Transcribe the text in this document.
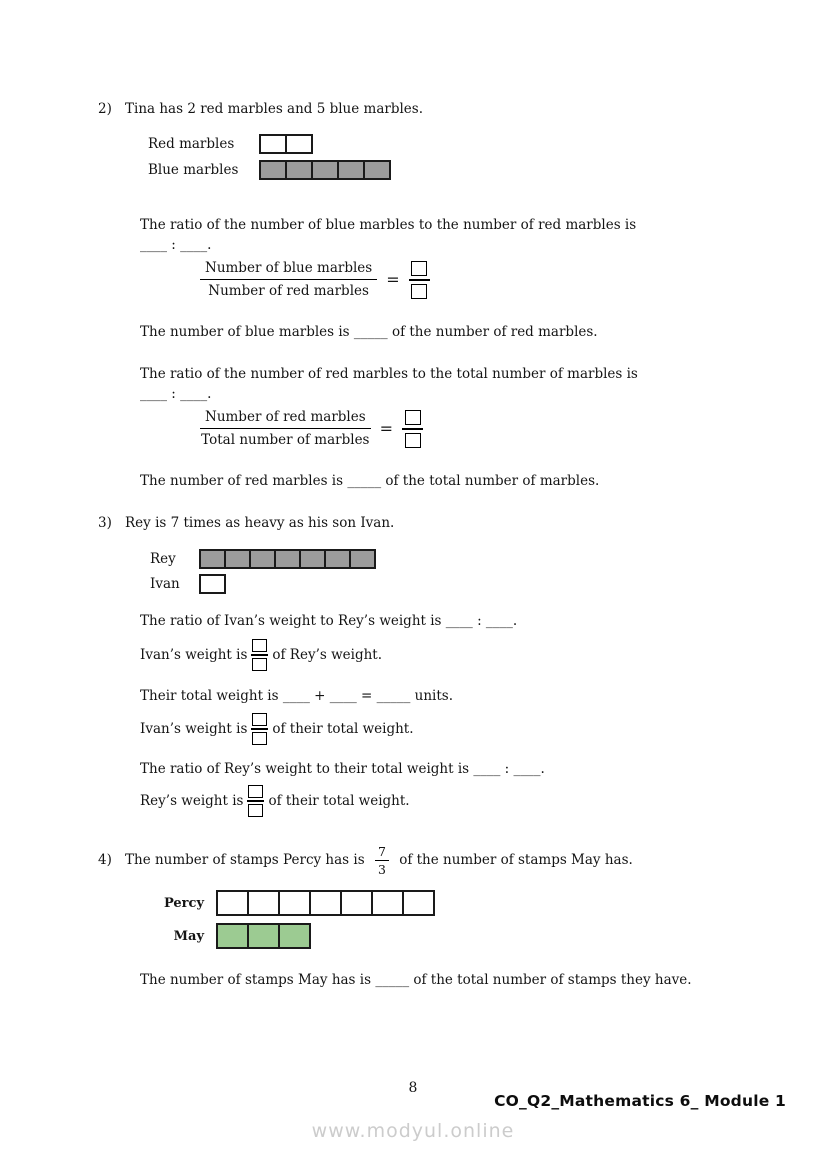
2) Tina has 2 red marbles and 5 blue marbles.
Red marbles
Blue marbles

The ratio of the number of blue marbles to the number of red marbles is
____ : ____.

$\frac{\text{Number of blue marbles}}{\text{Number of red marbles}}$ =

The number of blue marbles is _____ of the number of red marbles.

The ratio of the number of red marbles to the total number of marbles is
____ : ____.

$\frac{\text{Number of red marbles}}{\text{Total number of marbles}}$ =

The number of red marbles is _____ of the total number of marbles.

3) Rey is 7 times as heavy as his son Ivan.
Rey
Ivan

The ratio of Ivan’s weight to Rey’s weight is ____ : ____.

Ivan’s weight is of Rey’s weight.

Their total weight is ____ + ____ = _____ units.

Ivan’s weight is of their total weight.

The ratio of Rey’s weight to their total weight is ____ : ____.

Rey’s weight is of their total weight.

4) The number of stamps Percy has is $\frac{7}{3}$ of the number of stamps May has.
Percy
May

The number of stamps May has is _____ of the total number of stamps they have.

8
CO_Q2_Mathematics 6_ Module 1
www.modyul.online
